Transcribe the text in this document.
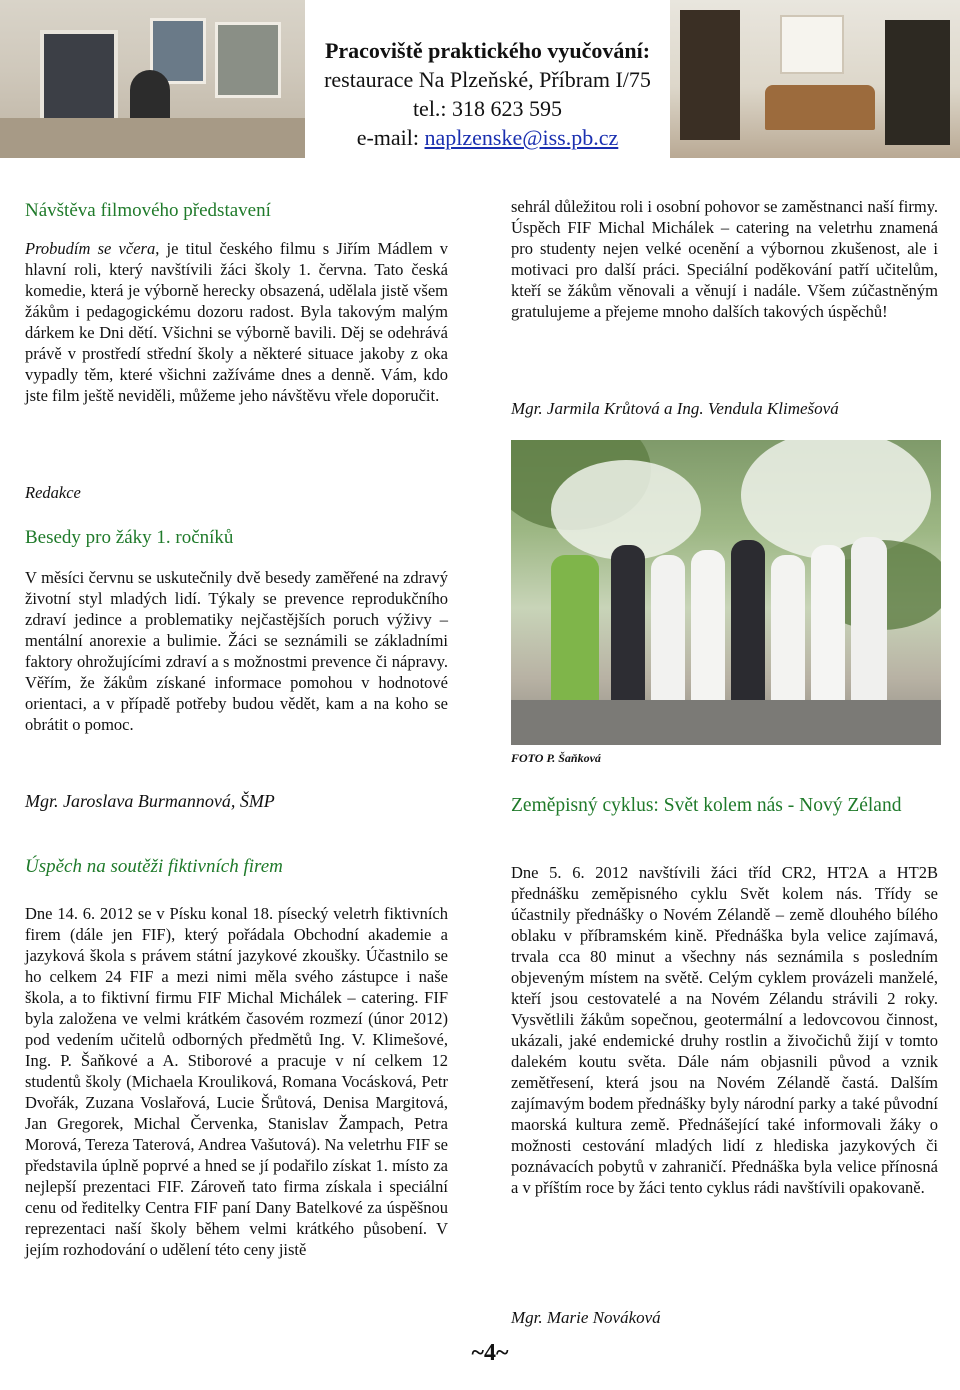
Pracoviště praktického vyučování:
restaurace Na Plzeňské, Příbram I/75
tel.: 318 623 595
e-mail: naplzenske@iss.pb.cz
Návštěva filmového představení
Probudím se včera, je titul českého filmu s Jiřím Mádlem v hlavní roli, který navštívili žáci školy 1. června. Tato česká komedie, která je výborně herecky obsazená, udělala jistě všem žákům i pedagogickému dozoru radost. Byla takovým malým dárkem ke Dni dětí. Všichni se výborně bavili. Děj se odehrává právě v prostředí střední školy a některé situace jakoby z oka vypadly těm, které všichni zažíváme dnes a denně. Vám, kdo jste film ještě neviděli, můžeme jeho návštěvu vřele doporučit.
Redakce
Besedy pro žáky 1. ročníků
V měsíci červnu se uskutečnily dvě besedy zaměřené na zdravý životní styl mladých lidí. Týkaly se prevence reprodukčního zdraví jedince a problematiky nejčastějších poruch výživy – mentální anorexie a bulimie. Žáci se seznámili se základními faktory ohrožujícími zdraví a s možnostmi prevence či nápravy. Věřím, že žákům získané informace pomohou v hodnotové orientaci, a v případě potřeby budou vědět, kam a na koho se obrátit o pomoc.
Mgr. Jaroslava Burmannová, ŠMP
Úspěch na soutěži fiktivních firem
Dne 14. 6. 2012 se v Písku konal 18. písecký veletrh fiktivních firem (dále jen FIF), který pořádala Obchodní akademie a jazyková škola s právem státní jazykové zkoušky. Účastnilo se ho celkem 24 FIF a mezi nimi měla svého zástupce i naše škola, a to fiktivní firmu FIF Michal Michálek – catering. FIF byla založena ve velmi krátkém časovém rozmezí (únor 2012) pod vedením učitelů odborných předmětů Ing. V. Klimešové, Ing. P. Šaňkové a A. Stiborové a pracuje v ní celkem 12 studentů školy (Michaela Krouliková, Romana Vocásková, Petr Dvořák, Zuzana Voslařová, Lucie Šrůtová, Denisa Margitová, Jan Gregorek, Michal Červenka, Stanislav Žampach, Petra Morová, Tereza Taterová, Andrea Vašutová). Na veletrhu FIF se představila úplně poprvé a hned se jí podařilo získat 1. místo za nejlepší prezentaci FIF. Zároveň tato firma získala i speciální cenu od ředitelky Centra FIF paní Dany Batelkové za úspěšnou reprezentaci naší školy během velmi krátkého působení. V jejím rozhodování o udělení této ceny jistě
sehrál důležitou roli i osobní pohovor se zaměstnanci naší firmy. Úspěch FIF Michal Michálek – catering na veletrhu znamená pro studenty nejen velké ocenění a výbornou zkušenost, ale i motivaci pro další práci. Speciální poděkování patří učitelům, kteří se žákům věnovali a věnují i nadále. Všem zúčastněným gratulujeme a přejeme mnoho dalších takových úspěchů!
Mgr. Jarmila Krůtová a Ing. Vendula Klimešová
FOTO P. Šaňková
Zeměpisný cyklus: Svět kolem nás - Nový Zéland
Dne 5. 6. 2012 navštívili žáci tříd CR2, HT2A a HT2B přednášku zeměpisného cyklu Svět kolem nás. Třídy se účastnily přednášky o Novém Zélandě – země dlouhého bílého oblaku v příbramském kině. Přednáška byla velice zajímavá, trvala cca 80 minut a všechny nás seznámila s posledním objeveným místem na světě. Celým cyklem provázeli manželé, kteří jsou cestovatelé a na Novém Zélandu strávili 2 roky. Vysvětlili žákům sopečnou, geotermální a ledovcovou činnost, ukázali, jaké endemické druhy rostlin a živočichů žijí v tomto dalekém koutu světa. Dále nám objasnili původ a vznik zemětřesení, která jsou na Novém Zélandě častá. Dalším zajímavým bodem přednášky byly národní parky a také původní maorská kultura země. Přednášející také informovali žáky o možnosti cestování mladých lidí z hlediska jazykových či poznávacích pobytů v zahraničí. Přednáška byla velice přínosná a v příštím roce by žáci tento cyklus rádi navštívili opakovaně.
Mgr. Marie Nováková
~4~
